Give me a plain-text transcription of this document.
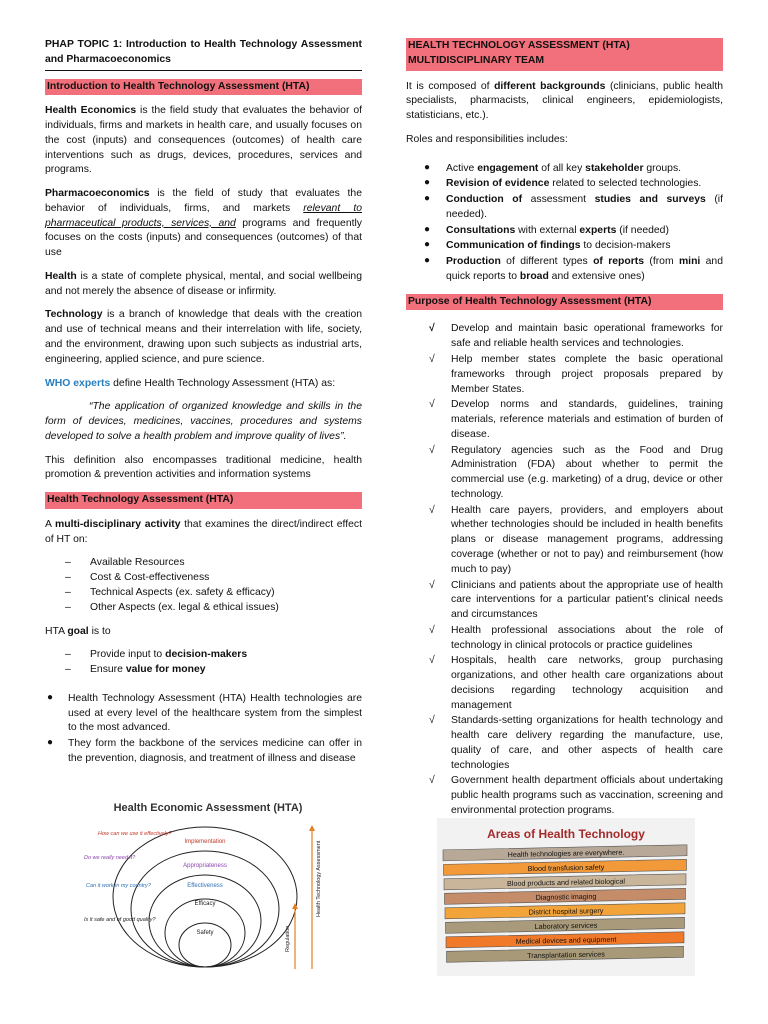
PHAP TOPIC 1: Introduction to Health Technology Assessment and Pharmacoeconomics
Introduction to Health Technology Assessment (HTA)

Health Economics is the field study that evaluates the behavior of individuals, firms and markets in health care, and usually focuses on the cost (inputs) and consequences (outcomes) of health care interventions such as drugs, devices, procedures, services and programs.

Pharmacoeconomics is the field of study that evaluates the behavior of individuals, firms, and markets relevant to pharmaceutical products, services, and programs and frequently focuses on the costs (inputs) and consequences (outcomes) of that use

Health is a state of complete physical, mental, and social wellbeing and not merely the absence of disease or infirmity.

Technology is a branch of knowledge that deals with the creation and use of technical means and their interrelation with life, society, and the environment, drawing upon such subjects as industrial arts, engineering, applied science, and pure science.

WHO experts define Health Technology Assessment (HTA) as:

“The application of organized knowledge and skills in the form of devices, medicines, vaccines, procedures and systems developed to solve a health problem and improve quality of lives”.

This definition also encompasses traditional medicine, health promotion & prevention activities and information systems

Health Technology Assessment (HTA)

A multi-disciplinary activity that examines the direct/indirect effect of HT on:

– Available Resources
– Cost & Cost-effectiveness
– Technical Aspects (ex. safety & efficacy)
– Other Aspects (ex. legal & ethical issues)

HTA goal is to

– Provide input to decision-makers
– Ensure value for money
● Health Technology Assessment (HTA) Health technologies are used at every level of the healthcare system from the simplest to the most advanced.
● They form the backbone of the services medicine can offer in the prevention, diagnosis, and treatment of illness and disease
HEALTH TECHNOLOGY ASSESSMENT (HTA)
MULTIDISCIPLINARY TEAM

It is composed of different backgrounds (clinicians, public health specialists, pharmacists, clinical engineers, epidemiologists, statisticians, etc.).

Roles and responsibilities includes:

● Active engagement of all key stakeholder groups.
● Revision of evidence related to selected technologies.
● Conduction of assessment studies and surveys (if needed).
● Consultations with external experts (if needed)
● Communication of findings to decision-makers
● Production of different types of reports (from mini and quick reports to broad and extensive ones)
Purpose of Health Technology Assessment (HTA)
√ Develop and maintain basic operational frameworks for safe and reliable health services and technologies.
√ Help member states complete the basic operational frameworks through project proposals prepared by Member States.
√ Develop norms and standards, guidelines, training materials, reference materials and estimation of burden of disease.
√ Regulatory agencies such as the Food and Drug Administration (FDA) about whether to permit the commercial use (e.g. marketing) of a drug, device or other technology.
√ Health care payers, providers, and employers about whether technologies should be included in health benefits plans or disease management programs, addressing coverage (whether or not to pay) and reimbursement (how much to pay)
√ Clinicians and patients about the appropriate use of health care interventions for a particular patient’s clinical needs and circumstances
√ Health professional associations about the role of technology in clinical protocols or practice guidelines
√ Hospitals, health care networks, group purchasing organizations, and other health care organizations about decisions regarding technology acquisition and management
√ Standards-setting organizations for health technology and health care delivery regarding the manufacture, use, quality of care, and other aspects of health care technologies
√ Government health department officials about undertaking public health programs such as vaccination, screening and environmental protection programs.
Health Economic Assessment (HTA)
Implementation
Appropriateness
Effectiveness
Efficacy
Safety
How can we use it effectively?
Do we really need it?
Can it work in my country?
Is it safe and of good quality?
Health Technology Assessment
Regulation
Areas of Health Technology
Health technologies are everywhere.
Blood transfusion safety
Blood products and related biological
Diagnostic imaging
District hospital surgery
Laboratory services
Medical devices and equipment
Transplantation services
